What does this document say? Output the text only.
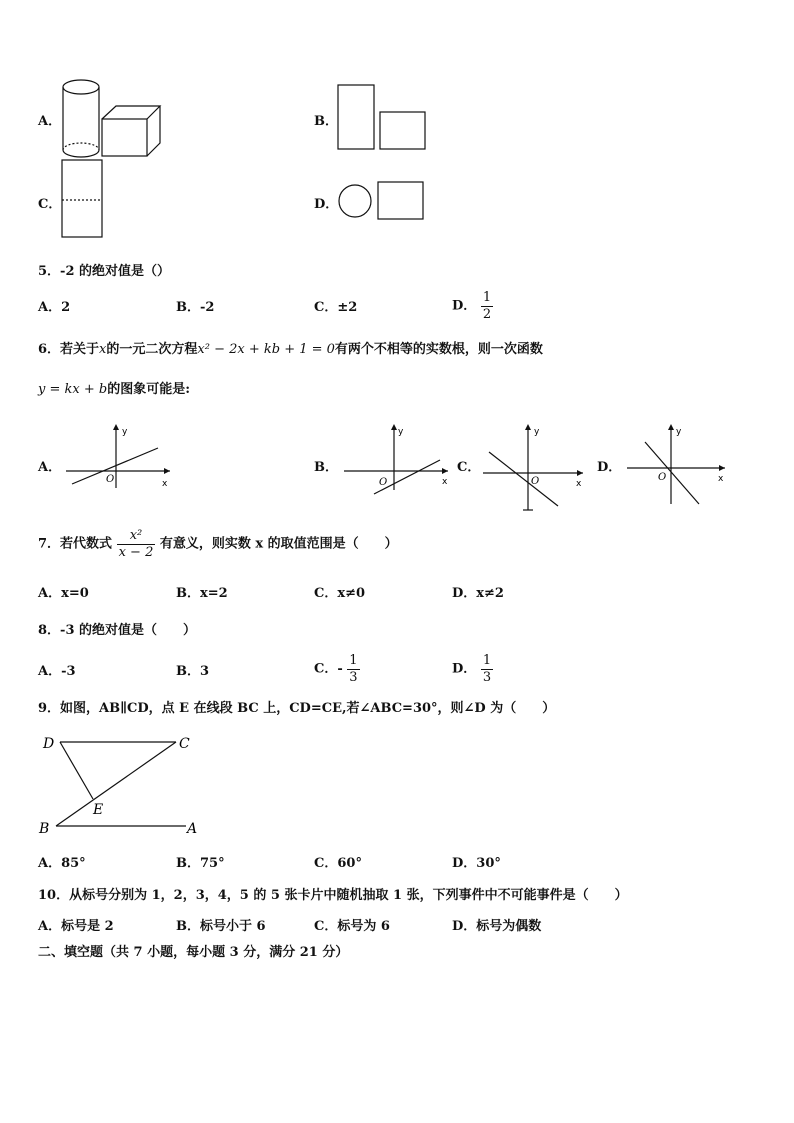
A．	B．
C．	D．
5．-2 的绝对值是（）
A．2	B．-2	C．±2	D． $\frac{1}{2}$
6．若关于x的一元二次方程x² − 2x + kb + 1 = 0有两个不相等的实数根，则一次函数
y = kx + b的图象可能是:
A．
y
x
O
B．
y
x
O
C．
y
x
O
D．
y
x
O
7．若代数式 $\frac{\text{x²}}{x - 2}$ 有意义，则实数 x 的取值范围是（　　）
A．x=0	B．x=2	C．x≠0	D．x≠2
8．-3 的绝对值是（　　）
A．-3	B．3	C．- $\frac{1}{3}$	D． $\frac{1}{3}$
9．如图，AB∥CD，点 E 在线段 BC 上，CD=CE,若∠ABC=30°，则∠D 为（　　）
D	C
E
B	A
A．85°	B．75°	C．60°	D．30°
10．从标号分别为 1，2，3，4，5 的 5 张卡片中随机抽取 1 张，下列事件中不可能事件是（　　）
A．标号是 2	B．标号小于 6	C．标号为 6	D．标号为偶数
二、填空题（共 7 小题，每小题 3 分，满分 21 分）
